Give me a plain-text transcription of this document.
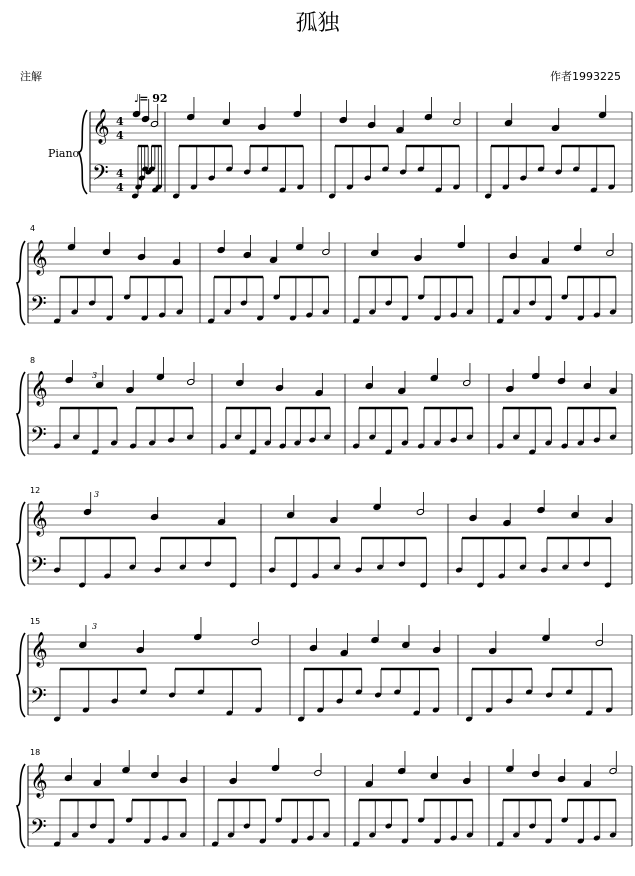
孤独
注解	作者1993225
♩= 92
Piano
4
8
12
15
18
𝄞
𝄢
𝄞
𝄢
𝄞
𝄢
𝄞
𝄢
𝄞
𝄢
𝄞
𝄢
4
4
4
4
3
3
3
